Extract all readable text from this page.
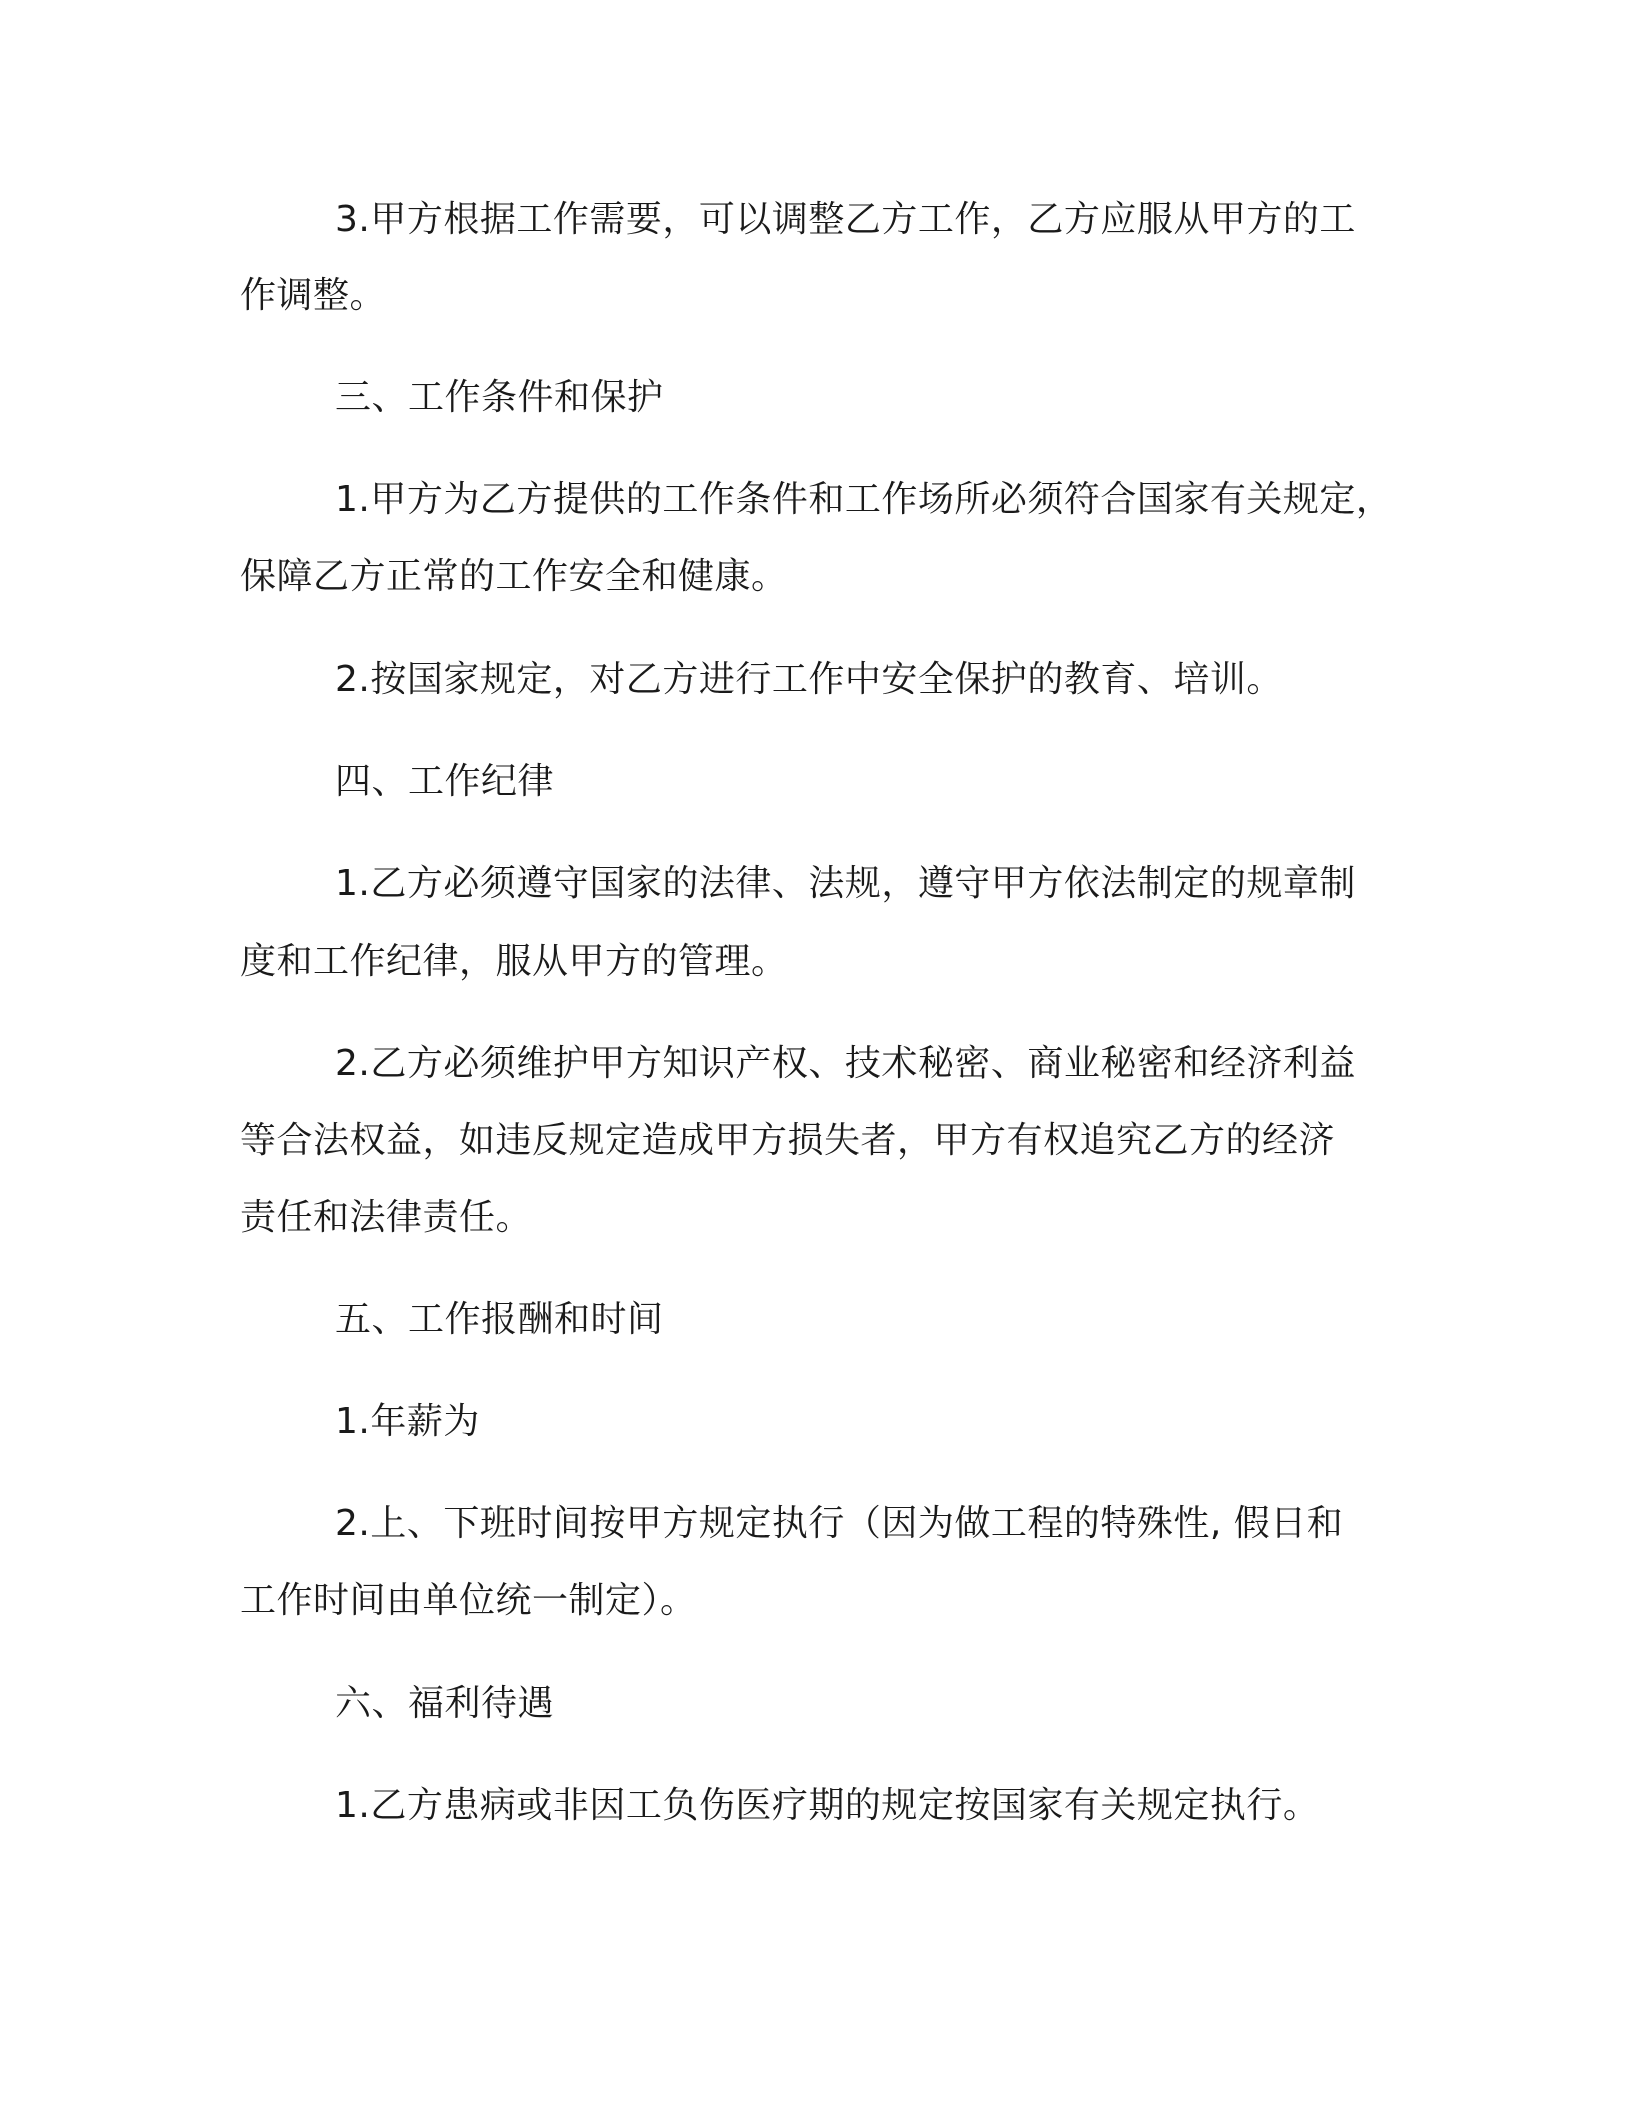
3.甲方根据工作需要，可以调整乙方工作，乙方应服从甲方的工
作调整。
三、工作条件和保护
1.甲方为乙方提供的工作条件和工作场所必须符合国家有关规定，
保障乙方正常的工作安全和健康。
2.按国家规定，对乙方进行工作中安全保护的教育、培训。
四、工作纪律
1.乙方必须遵守国家的法律、法规，遵守甲方依法制定的规章制
度和工作纪律，服从甲方的管理。
2.乙方必须维护甲方知识产权、技术秘密、商业秘密和经济利益
等合法权益，如违反规定造成甲方损失者，甲方有权追究乙方的经济
责任和法律责任。
五、工作报酬和时间
1.年薪为
2.上、下班时间按甲方规定执行（因为做工程的特殊性, 假日和
工作时间由单位统一制定）。
六、福利待遇
1.乙方患病或非因工负伤医疗期的规定按国家有关规定执行。
